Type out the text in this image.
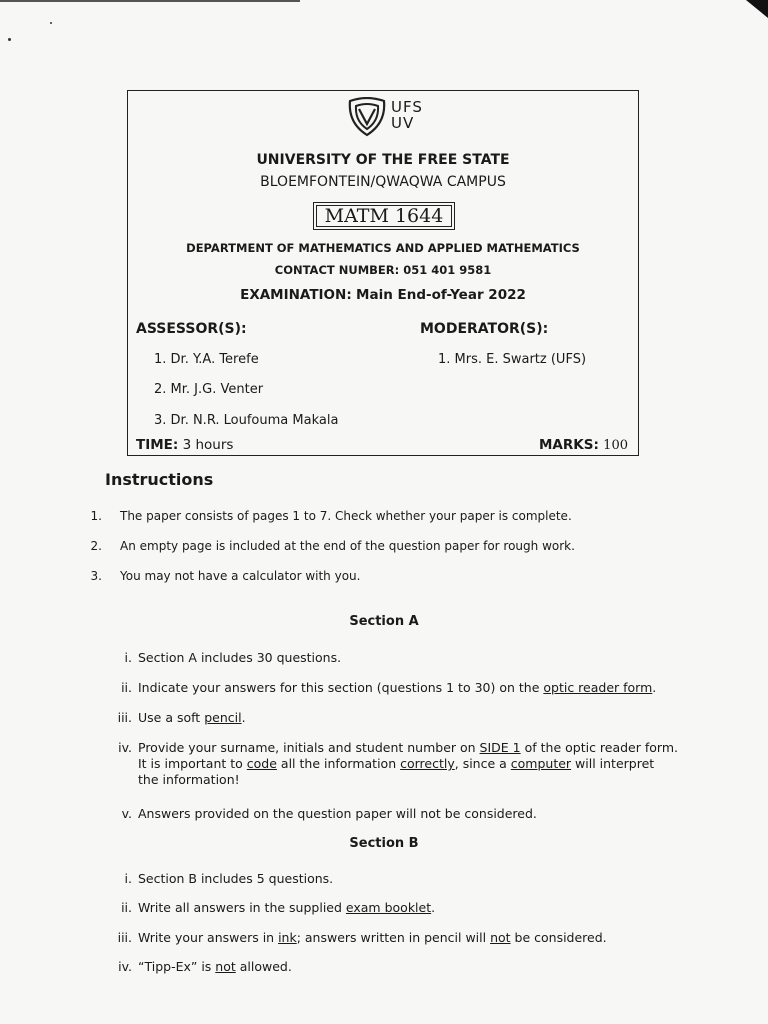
UFS
UV
UNIVERSITY OF THE FREE STATE
BLOEMFONTEIN/QWAQWA CAMPUS
MATM 1644
DEPARTMENT OF MATHEMATICS AND APPLIED MATHEMATICS
CONTACT NUMBER: 051 401 9581
EXAMINATION: Main End-of-Year 2022
ASSESSOR(S):	MODERATOR(S):
1. Dr. Y.A. Terefe
2. Mr. J.G. Venter
3. Dr. N.R. Loufouma Makala
1. Mrs. E. Swartz (UFS)
TIME: 3 hours	MARKS: 100
Instructions
1. The paper consists of pages 1 to 7. Check whether your paper is complete.
2. An empty page is included at the end of the question paper for rough work.
3. You may not have a calculator with you.
Section A
i. Section A includes 30 questions.
ii. Indicate your answers for this section (questions 1 to 30) on the optic reader form.
iii. Use a soft pencil.
iv. Provide your surname, initials and student number on SIDE 1 of the optic reader form.
It is important to code all the information correctly, since a computer will interpret
the information!
v. Answers provided on the question paper will not be considered.
Section B
i. Section B includes 5 questions.
ii. Write all answers in the supplied exam booklet.
iii. Write your answers in ink; answers written in pencil will not be considered.
iv. “Tipp-Ex” is not allowed.
